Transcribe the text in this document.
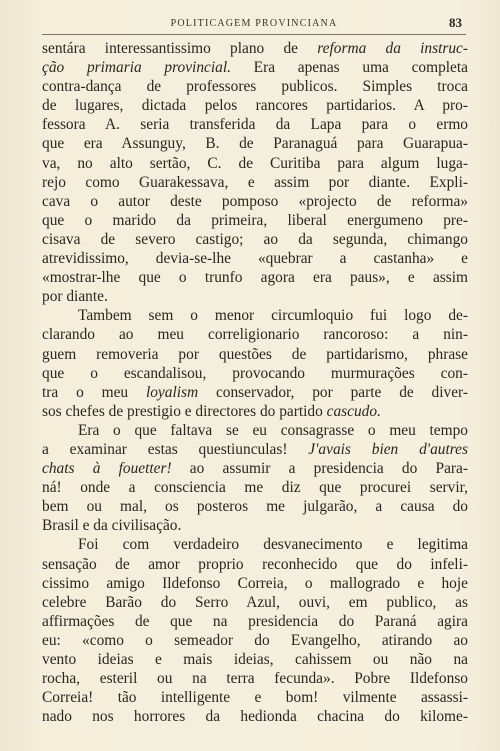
POLITICAGEM PROVINCIANA	83
sentára interessantissimo plano de reforma da instruc-
ção primaria provincial. Era apenas uma completa
contra-dança de professores publicos. Simples troca
de lugares, dictada pelos rancores partidarios. A pro-
fessora A. seria transferida da Lapa para o ermo
que era Assunguy, B. de Paranaguá para Guarapua-
va, no alto sertão, C. de Curitiba para algum luga-
rejo como Guarakessava, e assim por diante. Expli-
cava o autor deste pomposo «projecto de reforma»
que o marido da primeira, liberal energumeno pre-
cisava de severo castigo; ao da segunda, chimango
atrevidissimo, devia-se-lhe «quebrar a castanha» e
«mostrar-lhe que o trunfo agora era paus», e assim
por diante.
Tambem sem o menor circumloquio fui logo de-
clarando ao meu correligionario rancoroso: a nin-
guem removeria por questões de partidarismo, phrase
que o escandalisou, provocando murmurações con-
tra o meu loyalism conservador, por parte de diver-
sos chefes de prestigio e directores do partido cascudo.
Era o que faltava se eu consagrasse o meu tempo
a examinar estas questiunculas! J'avais bien d'autres
chats à fouetter! ao assumir a presidencia do Para-
ná! onde a consciencia me diz que procurei servir,
bem ou mal, os posteros me julgarão, a causa do
Brasil e da civilisação.
Foi com verdadeiro desvanecimento e legitima
sensação de amor proprio reconhecido que do infeli-
cissimo amigo Ildefonso Correia, o mallogrado e hoje
celebre Barão do Serro Azul, ouvi, em publico, as
affirmações de que na presidencia do Paraná agira
eu: «como o semeador do Evangelho, atirando ao
vento ideias e mais ideias, cahissem ou não na
rocha, esteril ou na terra fecunda». Pobre Ildefonso
Correia! tão intelligente e bom! vilmente assassi-
nado nos horrores da hedionda chacina do kilome-
